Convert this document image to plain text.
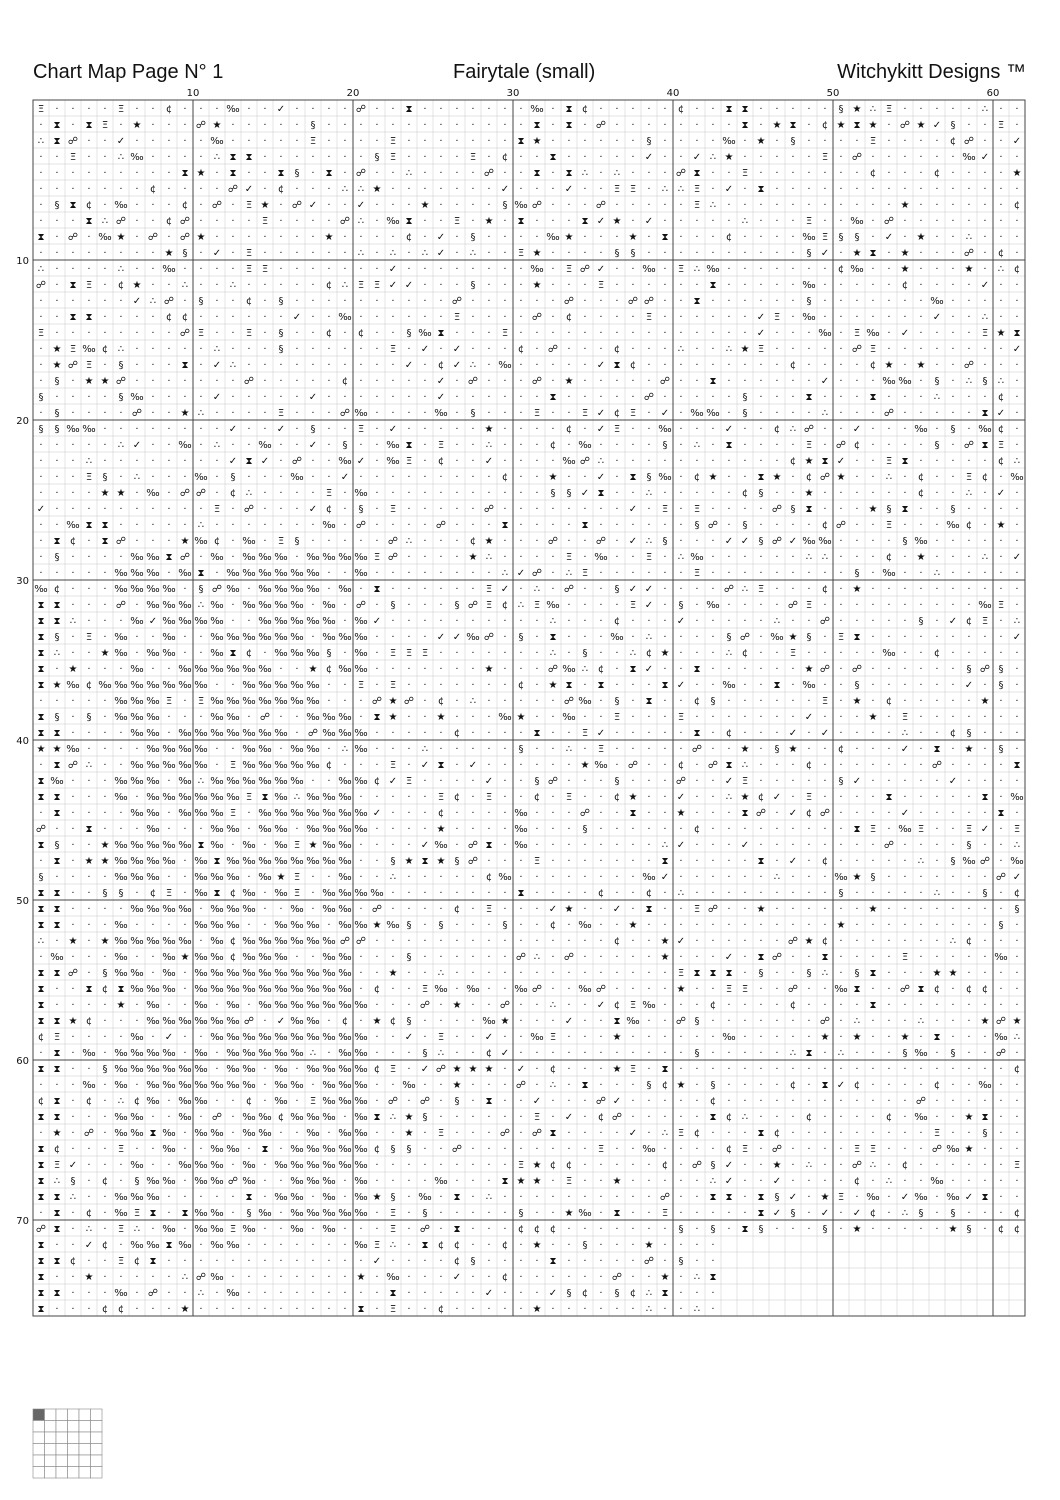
Chart Map Page N° 1	Fairytale (small)	Witchykitt Designs ™
Ξ · · · · Ξ · · ¢ · · · ‰ · · ✓ · · · · ☍ · · ⧗ · · · · · · · ‰ · ⧗ ¢ · · · · · ¢ · · ⧗ ⧗ · · · · · § ★ ∴ Ξ · · · · · ∴ · ·
· ⧗ · ⧗ Ξ · ★ · · · ☍ ★ · · · · · § · · · · · · · · · · · · · ⧗ · ⧗ · ☍ · · · · · · · · ⧗ · ★ ⧗ · ¢ ★ ⧗ ★ · ☍ ★ ✓ § · · Ξ ·
∴ ⧗ ☍ · · ✓ · · · · · ‰ · · · · · Ξ · · · · Ξ · · · · · · · ⧗ ★ · · · · · · § · · · · ‰ · ★ · § · · · · Ξ · · · · ¢ ☍ · · ✓
· · Ξ · · ∴ ‰ · · · · ∴ ⧗ ⧗ · · · · · · · § Ξ · · · · Ξ · ¢ · · ⧗ · · · · · ✓ · · ✓ ∴ ★ · · · · · Ξ · ☍ · · · · · · ‰ ✓ · ·
· · · · · · · · · ⧗ ★ · ⧗ · · ⧗ § · ⧗ · ☍ · · ∴ · · · · ☍ · · ⧗ · ⧗ ∴ · ∴ · · · ☍ ⧗ · · Ξ · · · · · · · ¢ · · · ¢ · · · · ★
· · · · · · · ¢ · · · · ☍ ✓ · ¢ · · · ∴ ∴ ★ · · · · · · · ✓ · · · ✓ · · Ξ Ξ · ∴ ∴ Ξ · ✓ · ⧗ · · · · · · · · · · · · · · · ·
· § ⧗ ¢ · ‰ · · · ¢ · ☍ · Ξ ★ · ☍ ✓ · · ✓ · · · ★ · · · · § ‰ ☍ · · · ☍ · · · · · Ξ ∴ · · · · · · · · · · · ★ · · · · · · ¢
· · · ⧗ ∴ ☍ · · ¢ ☍ · · · · Ξ · · · · ☍ ∴ · ‰ ⧗ · · Ξ · ★ · ⧗ · · · ⧗ ✓ ★ · ✓ · · · · · ∴ · · · Ξ · · ‰ · ☍ · · · · · · · ·
⧗ · ☍ · ‰ ★ · ☍ · ☍ ★ · · · · · · · ★ · · · · ¢ · ✓ · § · · · · ‰ ★ · · · ★ · ⧗ · · · ¢ · · · · ‰ Ξ § § · ✓ · ★ · · ∴ · · ·
· · · · · · · · ★ § · ✓ · Ξ · · · · · · ∴ · ∴ · ∴ ✓ · ∴ · · Ξ ★ · · · · § § · · · · · · · · · · § ✓ · ★ ⧗ · ★ · · · ☍ · ¢ ·
∴ · · · · ∴ · · ‰ · · · · Ξ Ξ · · · · · · · ✓ · · · · · · · · ‰ · Ξ ☍ ✓ · · ‰ · Ξ ∴ ‰ · · · · · · · ¢ ‰ · · ★ · · · ★ · ∴ ¢
☍ · ⧗ Ξ · ¢ ★ · · ∴ · · ∴ · · · · · ¢ ∴ Ξ Ξ ✓ ✓ · · · § · · · ★ · · · Ξ · · · · · · ⧗ · · · · · ‰ · · · · · ¢ · · · · ✓ · ·
· · · · · · ✓ ∴ ☍ · § · · ¢ · § · · · · · · · · · · ☍ · · · · · · ☍ · · · ☍ ☍ · · ⧗ · · · · · · § · · · · · · · ‰ · · · · ·
· · ⧗ ⧗ · · · · ¢ ¢ · · · · · · ✓ · · ‰ · · · · · · Ξ · · · · ☍ · ¢ · · · · Ξ · · · · · · ✓ Ξ · ‰ · · · · · · · ✓ · · ∴ · ·
Ξ · · · · · · · · ☍ Ξ · · Ξ · § · · ¢ · ¢ · · § ‰ ⧗ · · · Ξ · · · · · · · · · · · · · · · ✓ · · · ‰ · Ξ ‰ · ✓ · · · · Ξ ★ ⧗
· ★ Ξ ‰ ¢ ∴ · · · · · ∴ · · · § · · · · · · Ξ · ✓ · ✓ · · · ¢ · ☍ · · · ¢ · · · ∴ · · ∴ ★ Ξ · · · · · ☍ Ξ · · · · · · · · ✓
· ★ ☍ Ξ · § · · · ⧗ · ✓ ∴ · · · · · · · · · · ✓ · ¢ ✓ ∴ · ‰ · · · · · ✓ ⧗ ¢ · · · · · · · · · ¢ · · · · ¢ ★ · ★ · · ☍ · · ·
· § · ★ ★ ☍ · · · · · · · ☍ · · · · · ¢ · · · · · ✓ · ☍ · · · ☍ · ★ · · · · · ☍ · · ⧗ · · · · · · ✓ · · · ‰ ‰ · § · ∴ § ∴ ·
§ · · · · § ‰ · · · · ✓ · · · · · ✓ · · · · · · · ✓ · · · · · · ⧗ · · · · · ☍ · · · · · § · · · ⧗ · · · ⧗ · · · ∴ · · · ¢ ·
· § · · · · ☍ · · ★ ∴ · · · · Ξ · · · ☍ ‰ · · · · ‰ · § · · · Ξ · · Ξ ✓ ¢ Ξ · ✓ · ‰ ‰ · § · · · · ∴ · · · ☍ · · · · · ⧗ ✓ ·
§ § ‰ ‰ · · · · · · · · ✓ · · ✓ · § · · Ξ · ✓ · · · · · ★ · · · · ¢ · ✓ Ξ · · ‰ · · · ✓ · · ¢ ∴ ☍ · · ✓ · · · ‰ · § · ‰ ¢ ·
· · · · · ∴ ✓ · · ‰ · ∴ · · ‰ · · ✓ · § · · ‰ ⧗ · Ξ · · ∴ · · · ¢ · ‰ · · · · § · ∴ · ⧗ · · · · Ξ · ☍ ¢ · · · · § · ☍ ⧗ Ξ ·
· · · ∴ · · · · · · · · ✓ ⧗ ✓ · ☍ · · ‰ ✓ · ‰ Ξ · ¢ · · ✓ · · · · ‰ ☍ ∴ · · · · · · · · · · · ¢ ★ ⧗ ✓ · · Ξ ⧗ · · · · · ¢ ∴
· · · Ξ § · ∴ · · · ‰ · § · · · ‰ · · ✓ · · · · · · · · · ¢ · · ★ · · ✓ · ⧗ § ‰ · ¢ ★ · · ⧗ ★ · ¢ ☍ ★ · · ∴ · ¢ · · Ξ ¢ · ‰
· · · · ★ ★ · ‰ · ☍ ☍ · ¢ ∴ · · · · Ξ · ‰ · · · · · · · · · · · § § ✓ ⧗ · · ∴ · · · · · ¢ § · · ★ · · · · · · ¢ · · ∴ · ✓ ·
✓ · · · · · · · · · · Ξ · ☍ · · · ✓ ¢ · § · Ξ · · · · · ☍ · · · · · · · · ✓ · Ξ · Ξ · · · · ☍ § ⧗ · · · ★ § ⧗ · · § · · · ·
· · ‰ ⧗ ⧗ · · · · · ∴ · · · · · · · ‰ · ☍ · · · · ☍ · · · ⧗ · · · · ⧗ · · · · · · § ☍ · § · · · · ¢ ☍ · · Ξ · · · ‰ ¢ · ★ ·
· ⧗ ¢ · ⧗ ☍ · · · ★ ‰ ¢ · ‰ · Ξ § · · · · · ☍ ∴ · · · ¢ ★ · · · ☍ · · ☍ · ✓ ∴ § · · · ✓ ✓ § ☍ ✓ ‰ ‰ · · · · § ‰ · · · · · ·
· § · · · · ‰ ‰ ⧗ ☍ · ‰ · ‰ ‰ ‰ · ‰ ‰ ‰ ‰ Ξ ☍ · · · · ★ ∴ · · · · Ξ · ‰ · · Ξ · ∴ ‰ · · · · · · ∴ ∴ · · · ¢ · ★ · · · ∴ · ✓
· · · · · ‰ ‰ ‰ · ‰ ⧗ · ‰ ‰ ‰ ‰ ‰ ‰ · · ‰ · · · · · · · · ∴ ✓ ☍ · ∴ Ξ · · · · · · Ξ · · · · · · · · · § · ‰ · · ∴ · · · · ·
‰ ¢ · · · ‰ ‰ ‰ ‰ · § ☍ ‰ · ‰ ‰ ‰ ‰ · ‰ · ⧗ · · · · · · Ξ ✓ · ∴ · ☍ · · § ✓ ✓ · · · · ☍ ∴ Ξ · · · ¢ · ★ · · · · · · · · · ·
⧗ ⧗ · · · ☍ · ‰ ‰ ‰ ∴ ‰ · ‰ ‰ ‰ ‰ · ‰ · ☍ · § · · · § ☍ Ξ ¢ ∴ Ξ ‰ · · · · Ξ ✓ · § · ‰ · · · · ☍ Ξ · · · · · · · · · · ‰ Ξ ·
⧗ ⧗ ∴ · · · ‰ ✓ ‰ ‰ ‰ ‰ · · ‰ ‰ ‰ ‰ ‰ · ‰ ✓ · · · · · · · · · · ∴ · · · ¢ · · · ✓ · · · · · ∴ · · ☍ · · · · · § · ✓ ¢ Ξ · ∴
⧗ § · Ξ · ‰ · · ‰ · · ‰ ‰ ‰ ‰ ‰ ‰ · ‰ ‰ ‰ · · · · ✓ ✓ ‰ ☍ · § · ⧗ · · · ‰ · ∴ · · · · § ☍ · ‰ ★ § · Ξ ⧗ · · · · · · · · · ✓
⧗ ∴ · · ★ ‰ · ‰ ‰ · · ‰ ⧗ ¢ · ‰ ‰ ‰ § · ‰ · Ξ Ξ Ξ · · · · · · · ∴ · § · · ∴ ¢ ★ · · · ∴ ¢ · · Ξ · · · · · ‰ · · ¢ · · · · ·
⧗ · ★ · · · ‰ · · ‰ ‰ ‰ ‰ ‰ ‰ · · ★ ¢ ‰ ‰ · · · · · · · ★ · · · ☍ ‰ ∴ ¢ · ⧗ ✓ · · ⧗ · · · · · · ★ ☍ · ☍ · · · · · · § ☍ § ·
⧗ ★ ‰ ¢ ‰ ‰ ‰ ‰ ‰ ‰ ‰ · · ‰ ‰ ‰ ‰ ‰ · · Ξ · Ξ · · · · · · · ¢ · ★ ⧗ · ⧗ · · · ⧗ ✓ · · ‰ · · ⧗ · ‰ · · § · · · · · · ✓ · § ·
· · · · · ‰ ‰ ‰ Ξ · Ξ ‰ ‰ ‰ ‰ ‰ ‰ ‰ · · · ☍ ★ ☍ · ¢ · ∴ · · · · · ☍ ‰ · § · ⧗ · · ¢ § · · · · · · Ξ · ★ · ¢ · · · · · ★ · ·
⧗ § · § · ‰ ‰ ‰ · · · ‰ ‰ · ☍ · · ‰ ‰ ‰ · ⧗ ★ · · ★ · · · ‰ ★ · · ‰ · · Ξ · · · Ξ · · · · · · · ✓ · · · ★ · Ξ · · · · · · ·
⧗ ⧗ · · · · ‰ ‰ · ‰ ‰ ‰ ‰ ‰ ‰ ‰ · ☍ ‰ ‰ ‰ · · · · · ¢ · · · · ⧗ · · Ξ ✓ · · · · · ⧗ · ¢ · · · ✓ · ✓ · · · · ∴ · · ¢ § · · ·
★ ★ ‰ · · · · ‰ ‰ ‰ ‰ · · ‰ ‰ · ‰ ‰ · ∴ ‰ · · · ∴ · · · · · § · · ∴ · Ξ · · · · · ☍ · · ★ · § ★ · · ¢ · · · ✓ · ⧗ · ★ · § ·
· ⧗ ☍ ∴ · · ‰ ‰ ‰ ‰ ‰ · Ξ ‰ ‰ ‰ ‰ ‰ ¢ · · · Ξ · ✓ ⧗ · ✓ · · · · · · ★ ‰ · ☍ · · ¢ · ☍ ⧗ ∴ · · · ¢ · · · · · · · ☍ · · · · ⧗
⧗ ‰ · · · ‰ ‰ ‰ · ‰ ∴ ‰ ‰ ‰ ‰ ‰ ‰ · · ‰ ‰ ¢ ✓ Ξ · · · · ✓ · · § ☍ · · · § · · · ☍ · · ✓ Ξ · · · · · § ✓ · · · · · ✓ · · · ·
⧗ ⧗ · · · ‰ · ‰ ‰ ‰ ‰ ‰ ‰ Ξ ⧗ ‰ ∴ ‰ ‰ ‰ · · · · · Ξ ¢ · Ξ · · ¢ · Ξ · · ¢ ★ · · ✓ · · ∴ ★ ¢ ✓ · Ξ · · · · ⧗ · · · · · ⧗ · ‰
· ⧗ · · · · ‰ ‰ · ‰ ‰ ‰ Ξ · ‰ ‰ ‰ ‰ ‰ ‰ ‰ ✓ · · · ¢ · · · · ‰ · · · ☍ · · ⧗ · · ★ · · · ⧗ ☍ · ✓ ¢ ☍ · · · · ✓ · · · · · ⧗ ·
☍ · · ⧗ · · · ‰ · · · ‰ ‰ · ‰ ‰ · ‰ ‰ ‰ ‰ · · · · ★ · · · · ‰ · · · § · · · · · · ¢ · · · · · · · · · ⧗ Ξ · ‰ Ξ · · Ξ ✓ · Ξ
⧗ § · · ★ ‰ ‰ ‰ ‰ ‰ ⧗ ‰ · ‰ · ‰ Ξ ★ ‰ ‰ · · · · ✓ ‰ · ☍ ⧗ · ‰ · · · · · · · · ∴ ✓ · · · ✓ · · · · · · · · ☍ · · · · § · · ∴
· ⧗ · ★ ★ ‰ ‰ ‰ ‰ · ‰ ⧗ ‰ ‰ ‰ ‰ ‰ ‰ ‰ ‰ · · § ★ ⧗ ★ § ☍ · · · Ξ · · · · · · · ⧗ · · · · · ⧗ · ✓ · ¢ · · · · · ∴ · § ‰ ☍ · ‰
§ · · · · ‰ ‰ ‰ · · ‰ ‰ ‰ · ‰ ★ Ξ · · ‰ · · ∴ · · · · · ¢ ‰ · · · · · · · · ‰ ✓ · · · · · · ∴ · · · ‰ ★ § · · · · · · · ☍ ✓
⧗ ⧗ · · § § · ¢ Ξ · ‰ ⧗ ¢ ‰ · ‰ Ξ · ‰ ‰ ‰ ‰ · · · · · · · · ⧗ · · · · ¢ · · ¢ · ∴ · · · · · · · · · § · · · · · ∴ · · § · ¢
⧗ ⧗ · · · · ‰ ‰ ‰ ‰ · ‰ ‰ ‰ · · ‰ · ‰ ‰ · ☍ · · · · ¢ · Ξ · · · ✓ ★ · · ✓ · ⧗ · · Ξ ☍ · · ★ · · · · · · ★ · · · · · · · · §
⧗ ⧗ · · · ‰ · · · · ‰ ‰ ‰ · · ‰ ‰ ‰ · ‰ ‰ ★ ‰ § · § · · · § · · ¢ · ‰ · · ★ · · · · · · · · · · · · ★ · · · · · · · · · § ·
∴ · ★ · ★ ‰ ‰ ‰ ‰ ‰ · ‰ ¢ ‰ ‰ ‰ ‰ ‰ ‰ ☍ ☍ · · · · · · · · · · · · · · · ¢ · · ★ ✓ · · · · · · ☍ ★ ¢ · · · · · · · ∴ ¢ · · ·
· ‰ · · · ‰ · · ‰ ★ ‰ ‰ ¢ ‰ ‰ ‰ · · ‰ ‰ · · · § · · · · · · ☍ ∴ · ☍ · · · · · ★ · · · ✓ · ⧗ ☍ · · ⧗ · · · · Ξ · · · · · ‰ ·
⧗ ⧗ ☍ · § ‰ ‰ · ‰ · ‰ ‰ ‰ ‰ ‰ ‰ ‰ ‰ ‰ ‰ · · ★ · · ∴ · · · · · · · · · · · · · · Ξ ⧗ ⧗ ⧗ · § · · § ∴ · § ⧗ · · · ★ ★ · · · ·
⧗ · · ⧗ ¢ ⧗ ‰ ‰ ‰ · ‰ ‰ ‰ ‰ ‰ ‰ ‰ ‰ ‰ ‰ · ¢ · · Ξ ‰ · ‰ · · ‰ ☍ · · ‰ ☍ · · · · ★ · · Ξ Ξ · · ☍ · · ‰ ⧗ · · ☍ ⧗ ¢ · ¢ ¢ · ·
⧗ · · · · ★ · ‰ · · ‰ · ‰ · ‰ ‰ ‰ ‰ ‰ ‰ ‰ · · · ☍ · ★ · · ☍ · · ∴ · · ✓ ¢ Ξ ‰ · · · ¢ · · · · ¢ · · · · ⧗ · · · · · · · · ·
⧗ ⧗ ★ ¢ · · · ‰ ‰ ‰ ‰ ‰ ‰ ☍ · ✓ ‰ ‰ · ¢ · ★ ¢ § · · · · ‰ ★ · · · ✓ · · ⧗ ‰ · · ☍ § · · · · · · · ☍ · ∴ · · · ∴ · · · ★ ☍ ★
¢ Ξ · · · · ‰ · ✓ · · ‰ ‰ ‰ ‰ ‰ ‰ ‰ ‰ ‰ ‰ · · ✓ · Ξ · · ✓ · · ‰ Ξ · · · ★ · · · · · · ‰ · · · · · ★ · ★ · · ★ · ⧗ · · · ‰ ∴
· ⧗ · ‰ · ‰ ‰ ‰ ‰ · ‰ · ‰ ‰ ‰ ‰ ‰ ∴ · ‰ ‰ · · · § ∴ · · ¢ ✓ · · · · · · · · · · · § · · · · · ∴ ⧗ · ∴ · · · § ‰ · § · · ☍ ·
⧗ ⧗ · · § ‰ ‰ ‰ ‰ ‰ ‰ · ‰ ‰ · ‰ · ‰ ‰ ‰ ‰ ¢ Ξ · ✓ ☍ ★ ★ ★ · ✓ · ¢ · · · ★ Ξ · ⧗ · · · · · · · · · · · · · · · · · · · · · ¢
· · · ‰ · ‰ · ‰ ‰ ‰ ‰ ‰ ‰ ‰ · ‰ ‰ · ‰ ‰ ‰ · · ‰ · · ★ · · · ☍ · ∴ · ⧗ · · · § ¢ ★ · § · · · · ¢ · ⧗ ✓ ¢ · · · · ¢ · · ‰ · ·
¢ ⧗ · ¢ · ∴ ¢ ‰ · ‰ ‰ · · ¢ · ‰ · Ξ ‰ ‰ ‰ · ☍ · ☍ · § · ⧗ · · ✓ · · · ☍ ✓ · · · · · ¢ · · · · · · · · · · · · ☍ · · · · · ·
⧗ ⧗ · · · ‰ ‰ · · ‰ · ☍ · ‰ ‰ ¢ ‰ ‰ ‰ · ‰ ⧗ ∴ ★ § · · · · · · Ξ · ✓ · ¢ ☍ · · · · · ⧗ ¢ ∴ · · · ¢ · · · · ¢ · ‰ · · ★ ⧗ · ·
· ★ · ☍ · ‰ ‰ ⧗ ‰ · ‰ ‰ · ‰ ‰ · · ‰ · ‰ ‰ · · ★ · Ξ · · · ☍ · ☍ ⧗ · · · · ✓ · ∴ Ξ ¢ · · · ⧗ ¢ · · · · · · · · · Ξ · · § · ·
⧗ ¢ · · · Ξ · · ‰ · · ‰ ‰ · ⧗ · ‰ ‰ ‰ ‰ ‰ ¢ § § · · ☍ · · · · · · · · Ξ · · ‰ · · · · ¢ Ξ · ☍ · · · · Ξ Ξ · · · ☍ ‰ ★ · · ·
⧗ Ξ ✓ · · · ‰ · · ‰ ‰ ‰ · ‰ · ‰ ‰ ‰ ‰ ‰ ‰ · · · · · · · · · Ξ ★ ¢ ¢ · · · · · ¢ · ☍ § ✓ · · ★ · ∴ · · ☍ ∴ · ¢ · · · · · · Ξ
⧗ ∴ § · ¢ · § ‰ ‰ · ‰ ‰ ☍ ‰ · · ‰ ‰ ‰ · ‰ · · · · ‰ · · · ⧗ ★ ★ · Ξ · · ★ · · · · · ∴ ✓ · · ✓ · · · · ¢ · ∴ · · ‰ · · · · ·
⧗ ⧗ ∴ · · ‰ ‰ ‰ · · · · · ⧗ · ‰ ‰ · ‰ · ‰ ★ § · ‰ · ⧗ · ∴ · · · · · · · · · · ☍ · · ⧗ ⧗ · ⧗ § ✓ · ★ Ξ · ‰ · ✓ ‰ · ‰ ✓ ⧗ · ·
· ⧗ · ¢ · ‰ Ξ ⧗ · ⧗ ‰ ‰ · § ‰ · ‰ ‰ ‰ ‰ ‰ · Ξ · § · · · · · § · · ★ ‰ · ⧗ · · Ξ · · · · · ⧗ ✓ § · ✓ · ✓ ¢ · ∴ § · § · · · ¢
☍ ⧗ · ∴ · Ξ ∴ · ‰ · ‰ ‰ Ξ ‰ · · ‰ · ‰ · · · Ξ · ☍ · ⧗ · · · ¢ ¢ ¢ · · · · · · · § · § · ⧗ § · · · § · ★ · · · · · ★ § · ¢ ¢
⧗ · · ✓ ¢ · ‰ ‰ ⧗ ‰ · ‰ ‰ · · · · · · · ‰ Ξ ∴ · ⧗ ¢ ¢ · · ¢ · ★ · · § · · · ★ · · · ·
⧗ ⧗ ¢ · · Ξ ¢ ⧗ · · · · · · · · · · · · · ✓ · · · · ¢ § · · · · ⧗ · · · · · ☍ · § · ·
⧗ · · ★ · · · · · ∴ ☍ ‰ · · · · · · · · ★ · ‰ · · · ✓ · · ¢ · · · · · · ☍ · · ★ · ∴ ⧗
⧗ ⧗ · · · ‰ · ☍ · · ∴ · ‰ · · · · · · · · · ⧗ · · · · · ✓ · · · ✓ § ¢ · § ¢ ∴ ⧗ · · ·
⧗ · · · ¢ ¢ · · · ★ · · · · · · · · · · ⧗ · Ξ · · ¢ · · · · · ★ · · · · · · ∴ · · ∴ ·
10	20	30	40	50	60
10
20
30
40
50
60
70
